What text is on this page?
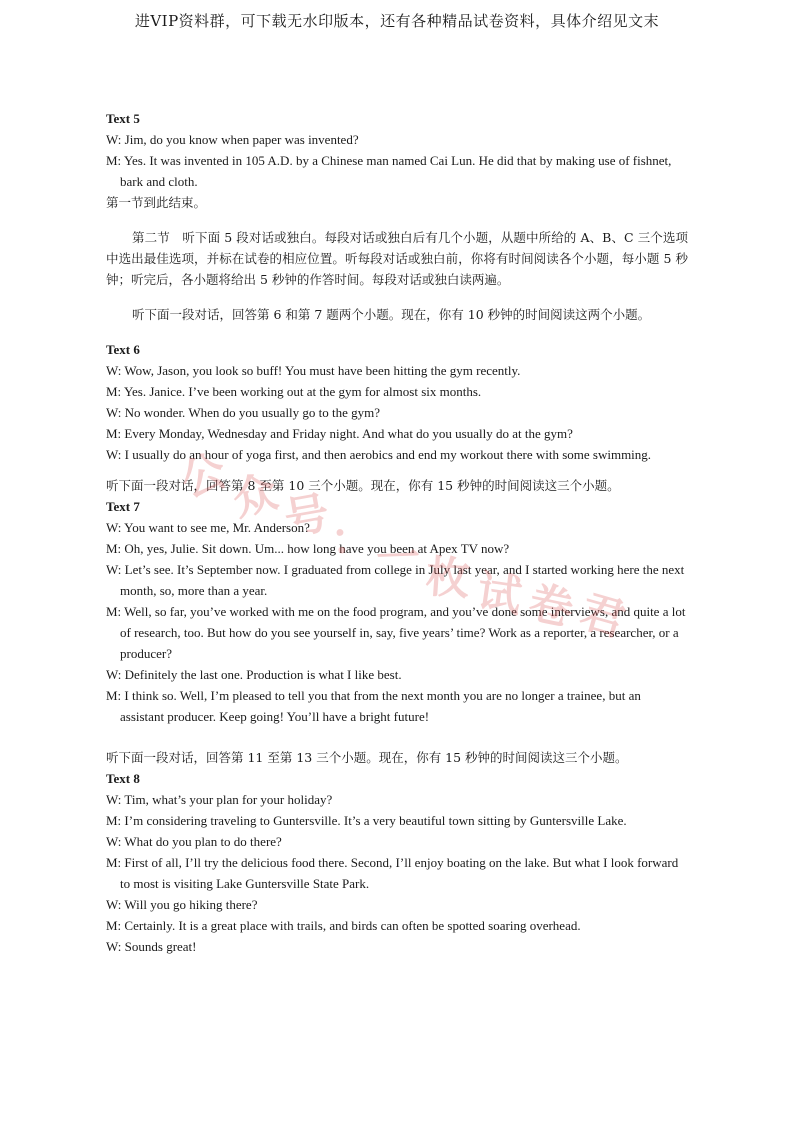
进VIP资料群，可下载无水印版本，还有各种精品试卷资料，具体介绍见文末
Text 5
W: Jim, do you know when paper was invented?
M: Yes. It was invented in 105 A.D. by a Chinese man named Cai Lun. He did that by making use of fishnet, bark and cloth.
第一节到此结束。
第二节　听下面 5 段对话或独白。每段对话或独白后有几个小题，从题中所给的 A、B、C 三个选项中选出最佳选项，并标在试卷的相应位置。听每段对话或独白前，你将有时间阅读各个小题，每小题 5 秒钟；听完后，各小题将给出 5 秒钟的作答时间。每段对话或独白读两遍。
听下面一段对话，回答第 6 和第 7 题两个小题。现在，你有 10 秒钟的时间阅读这两个小题。
Text 6
W: Wow, Jason, you look so buff! You must have been hitting the gym recently.
M: Yes. Janice. I’ve been working out at the gym for almost six months.
W: No wonder. When do you usually go to the gym?
M: Every Monday, Wednesday and Friday night. And what do you usually do at the gym?
W: I usually do an hour of yoga first, and then aerobics and end my workout there with some swimming.
听下面一段对话，回答第 8 至第 10 三个小题。现在，你有 15 秒钟的时间阅读这三个小题。
Text 7
W: You want to see me, Mr. Anderson?
M: Oh, yes, Julie. Sit down. Um... how long have you been at Apex TV now?
W: Let’s see. It’s September now. I graduated from college in July last year, and I started working here the next month, so, more than a year.
M: Well, so far, you’ve worked with me on the food program, and you’ve done some interviews, and quite a lot of research, too. But how do you see yourself in, say, five years’ time? Work as a reporter, a researcher, or a producer?
W: Definitely the last one. Production is what I like best.
M: I think so. Well, I’m pleased to tell you that from the next month you are no longer a trainee, but an assistant producer. Keep going! You’ll have a bright future!
听下面一段对话，回答第 11 至第 13 三个小题。现在，你有 15 秒钟的时间阅读这三个小题。
Text 8
W: Tim, what’s your plan for your holiday?
M: I’m considering traveling to Guntersville. It’s a very beautiful town sitting by Guntersville Lake.
W: What do you plan to do there?
M: First of all, I’ll try the delicious food there. Second, I’ll enjoy boating on the lake. But what I look forward to most is visiting Lake Guntersville State Park.
W: Will you go hiking there?
M: Certainly. It is a great place with trails, and birds can often be spotted soaring overhead.
W: Sounds great!
公
众
号
：
一 枚 试 卷
君
